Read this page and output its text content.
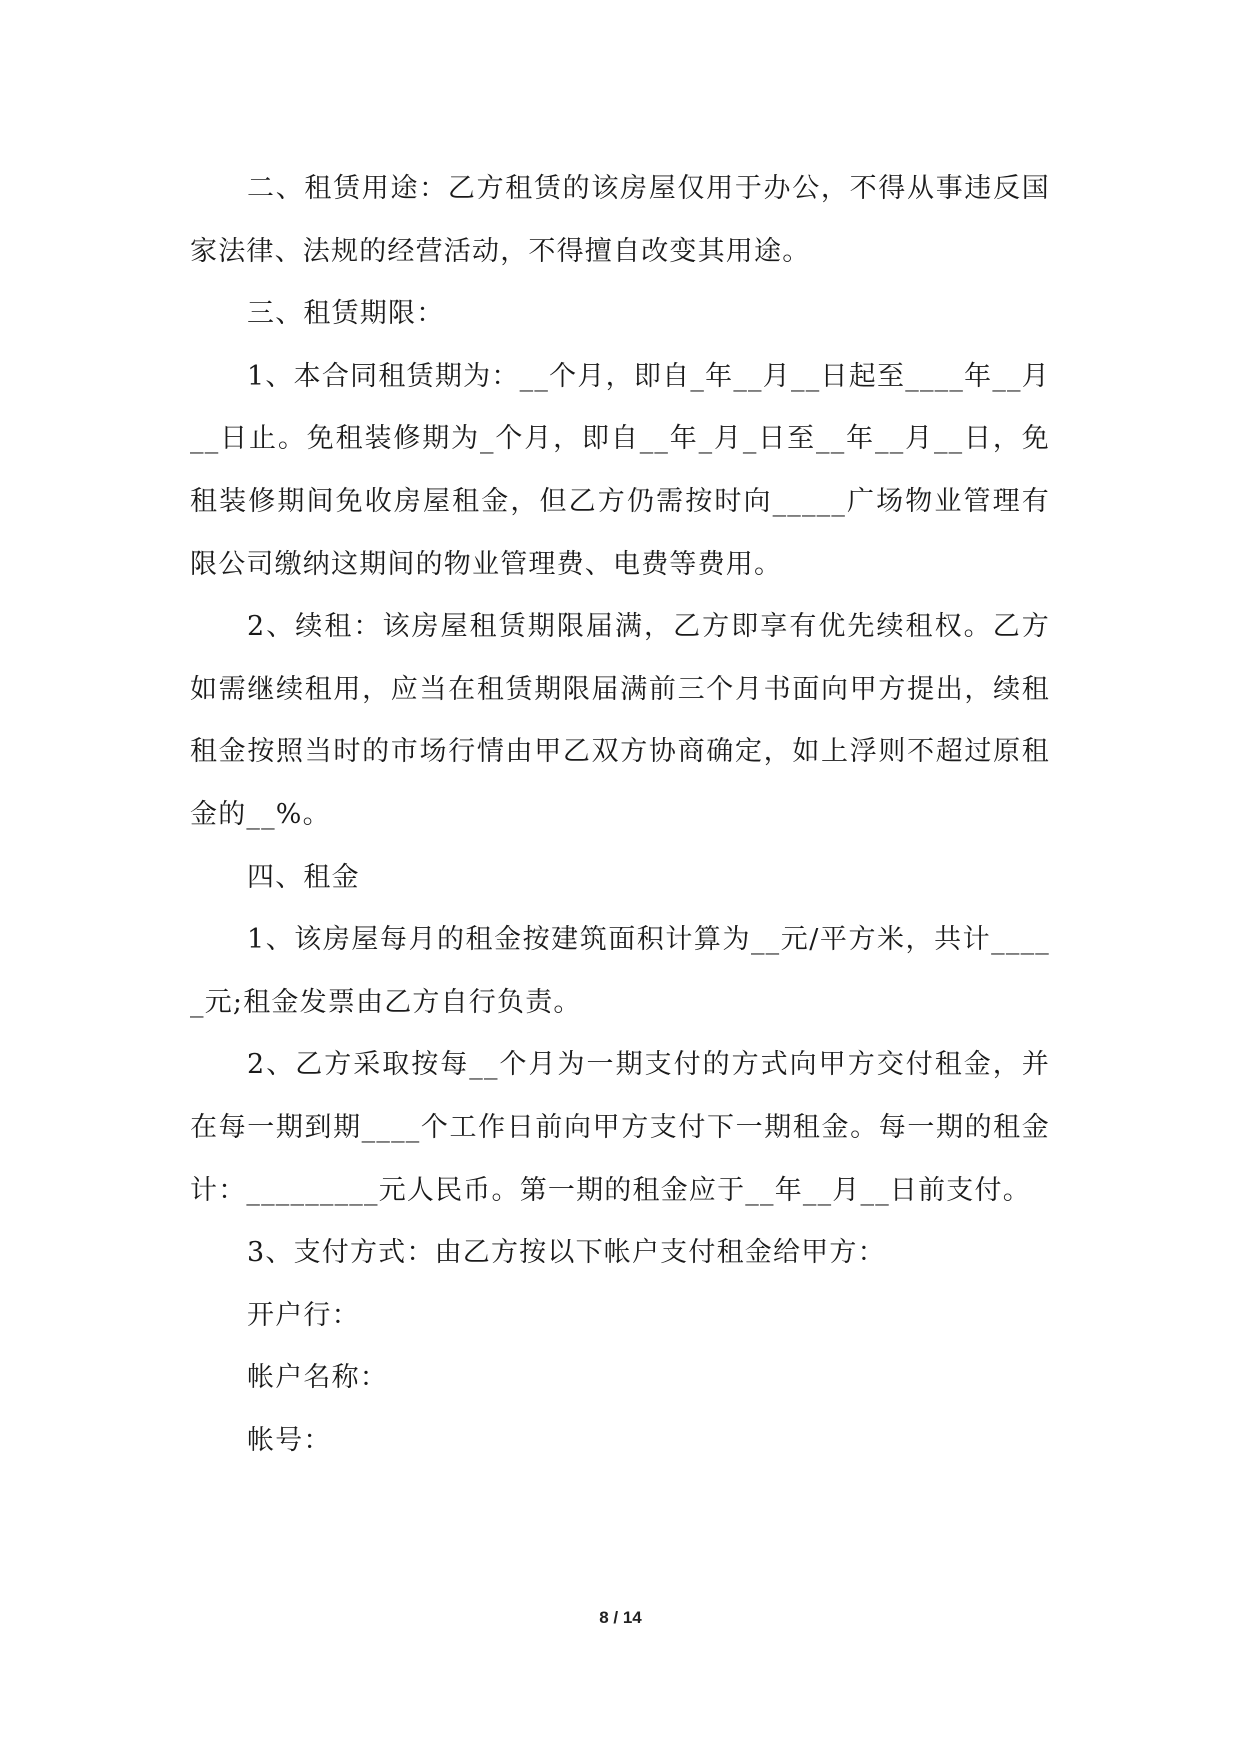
二、租赁用途：乙方租赁的该房屋仅用于办公，不得从事违反国家法律、法规的经营活动，不得擅自改变其用途。

三、租赁期限：

1、本合同租赁期为：__个月，即自_年__月__日起至____年__月__日止。免租装修期为_个月，即自__年_月_日至__年__月__日，免租装修期间免收房屋租金，但乙方仍需按时向_____广场物业管理有限公司缴纳这期间的物业管理费、电费等费用。

2、续租：该房屋租赁期限届满，乙方即享有优先续租权。乙方如需继续租用，应当在租赁期限届满前三个月书面向甲方提出，续租租金按照当时的市场行情由甲乙双方协商确定，如上浮则不超过原租金的__%。

四、租金

1、该房屋每月的租金按建筑面积计算为__元/平方米，共计_____元;租金发票由乙方自行负责。

2、乙方采取按每__个月为一期支付的方式向甲方交付租金，并在每一期到期____个工作日前向甲方支付下一期租金。每一期的租金计：_________元人民币。第一期的租金应于__年__月__日前支付。

3、支付方式：由乙方按以下帐户支付租金给甲方：

开户行：

帐户名称：

帐号：

8 / 14
